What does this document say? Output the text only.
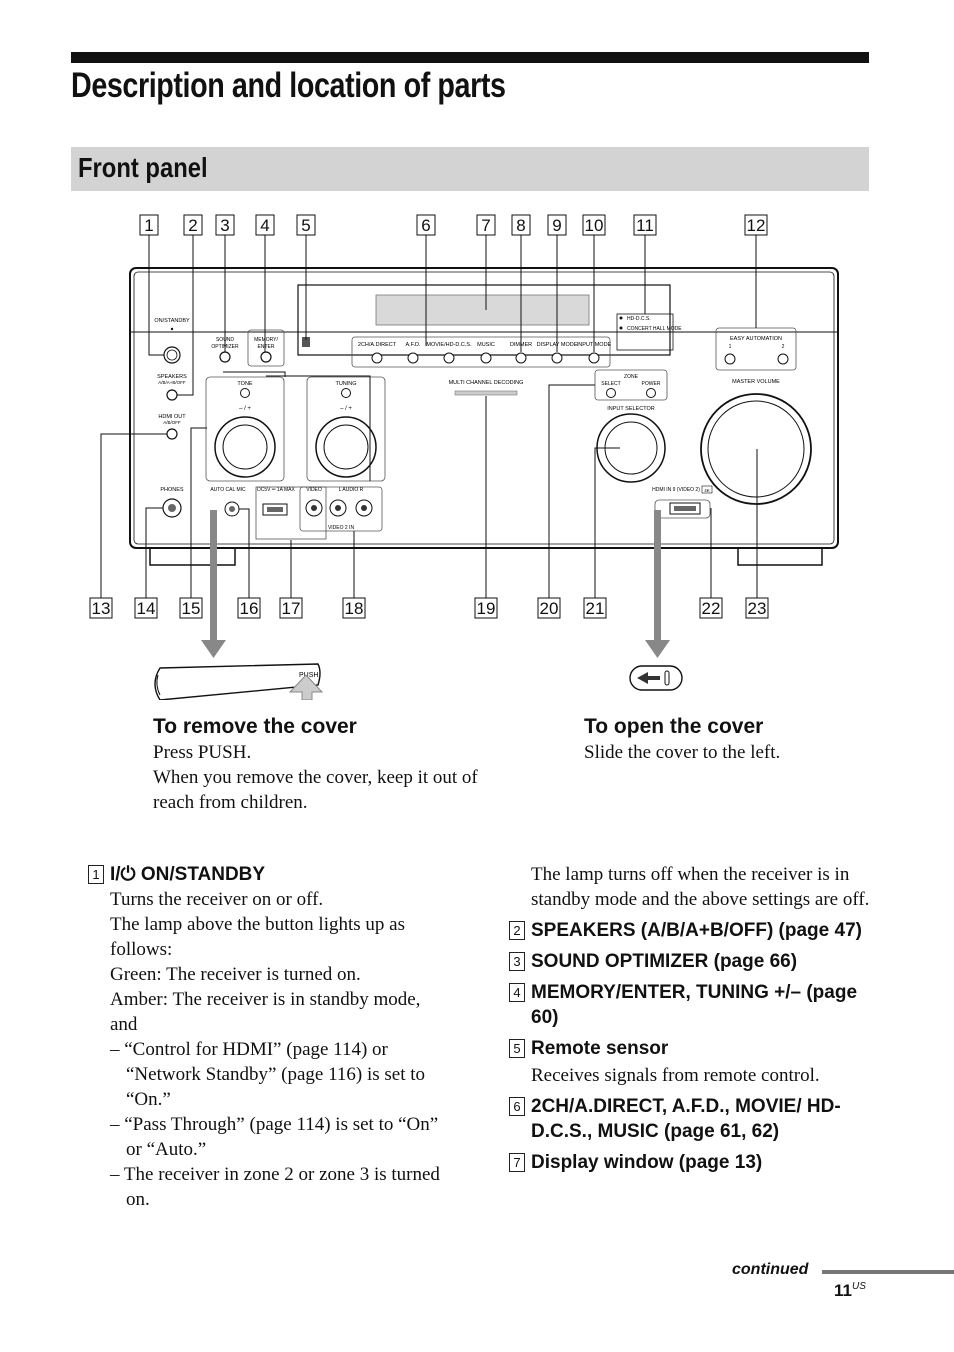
Description and location of parts
Front panel
1 2 3 4 5	6	7 8 9 10 11	12
13 14 15 16 17	18	19	20 21	22 23
HD-D.C.S.
CONCERT HALL MODE
2CH/A.DIRECT A.F.D. MOVIE/HD-D.C.S. MUSIC	DIMMER DISPLAY MODE INPUT MODE
ON/STANDBY
SPEAKERS
A/B/A+B/OFF
HDMI OUT
A/B/OFF
PHONES
SOUND
OPTIMIZER
MEMORY/
ENTER
TONE
– / +
TUNING
– / +
MULTI CHANNEL DECODING
ZONE
SELECT	POWER
INPUT SELECTOR
EASY AUTOMATION
1	2
MASTER VOLUME
AUTO CAL MIC DC5V ═ 1A MAX VIDEO	L AUDIO R
VIDEO 2 IN
HDMI IN 9 (VIDEO 2) 4K
PUSH
To remove the cover
Press PUSH.
When you remove the cover, keep it out of reach from children.
To open the cover
Slide the cover to the left.
1 I/⏻ ON/STANDBY
Turns the receiver on or off.
The lamp above the button lights up as follows:
Green: The receiver is turned on.
Amber: The receiver is in standby mode, and
– “Control for HDMI” (page 114) or “Network Standby” (page 116) is set to “On.”
– “Pass Through” (page 114) is set to “On” or “Auto.”
– The receiver in zone 2 or zone 3 is turned on.
The lamp turns off when the receiver is in standby mode and the above settings are off.
2 SPEAKERS (A/B/A+B/OFF) (page 47)
3 SOUND OPTIMIZER (page 66)
4 MEMORY/ENTER, TUNING +/– (page 60)
5 Remote sensor
Receives signals from remote control.
6 2CH/A.DIRECT, A.F.D., MOVIE/ HD-D.C.S., MUSIC (page 61, 62)
7 Display window (page 13)
continued
$11^{US}$
